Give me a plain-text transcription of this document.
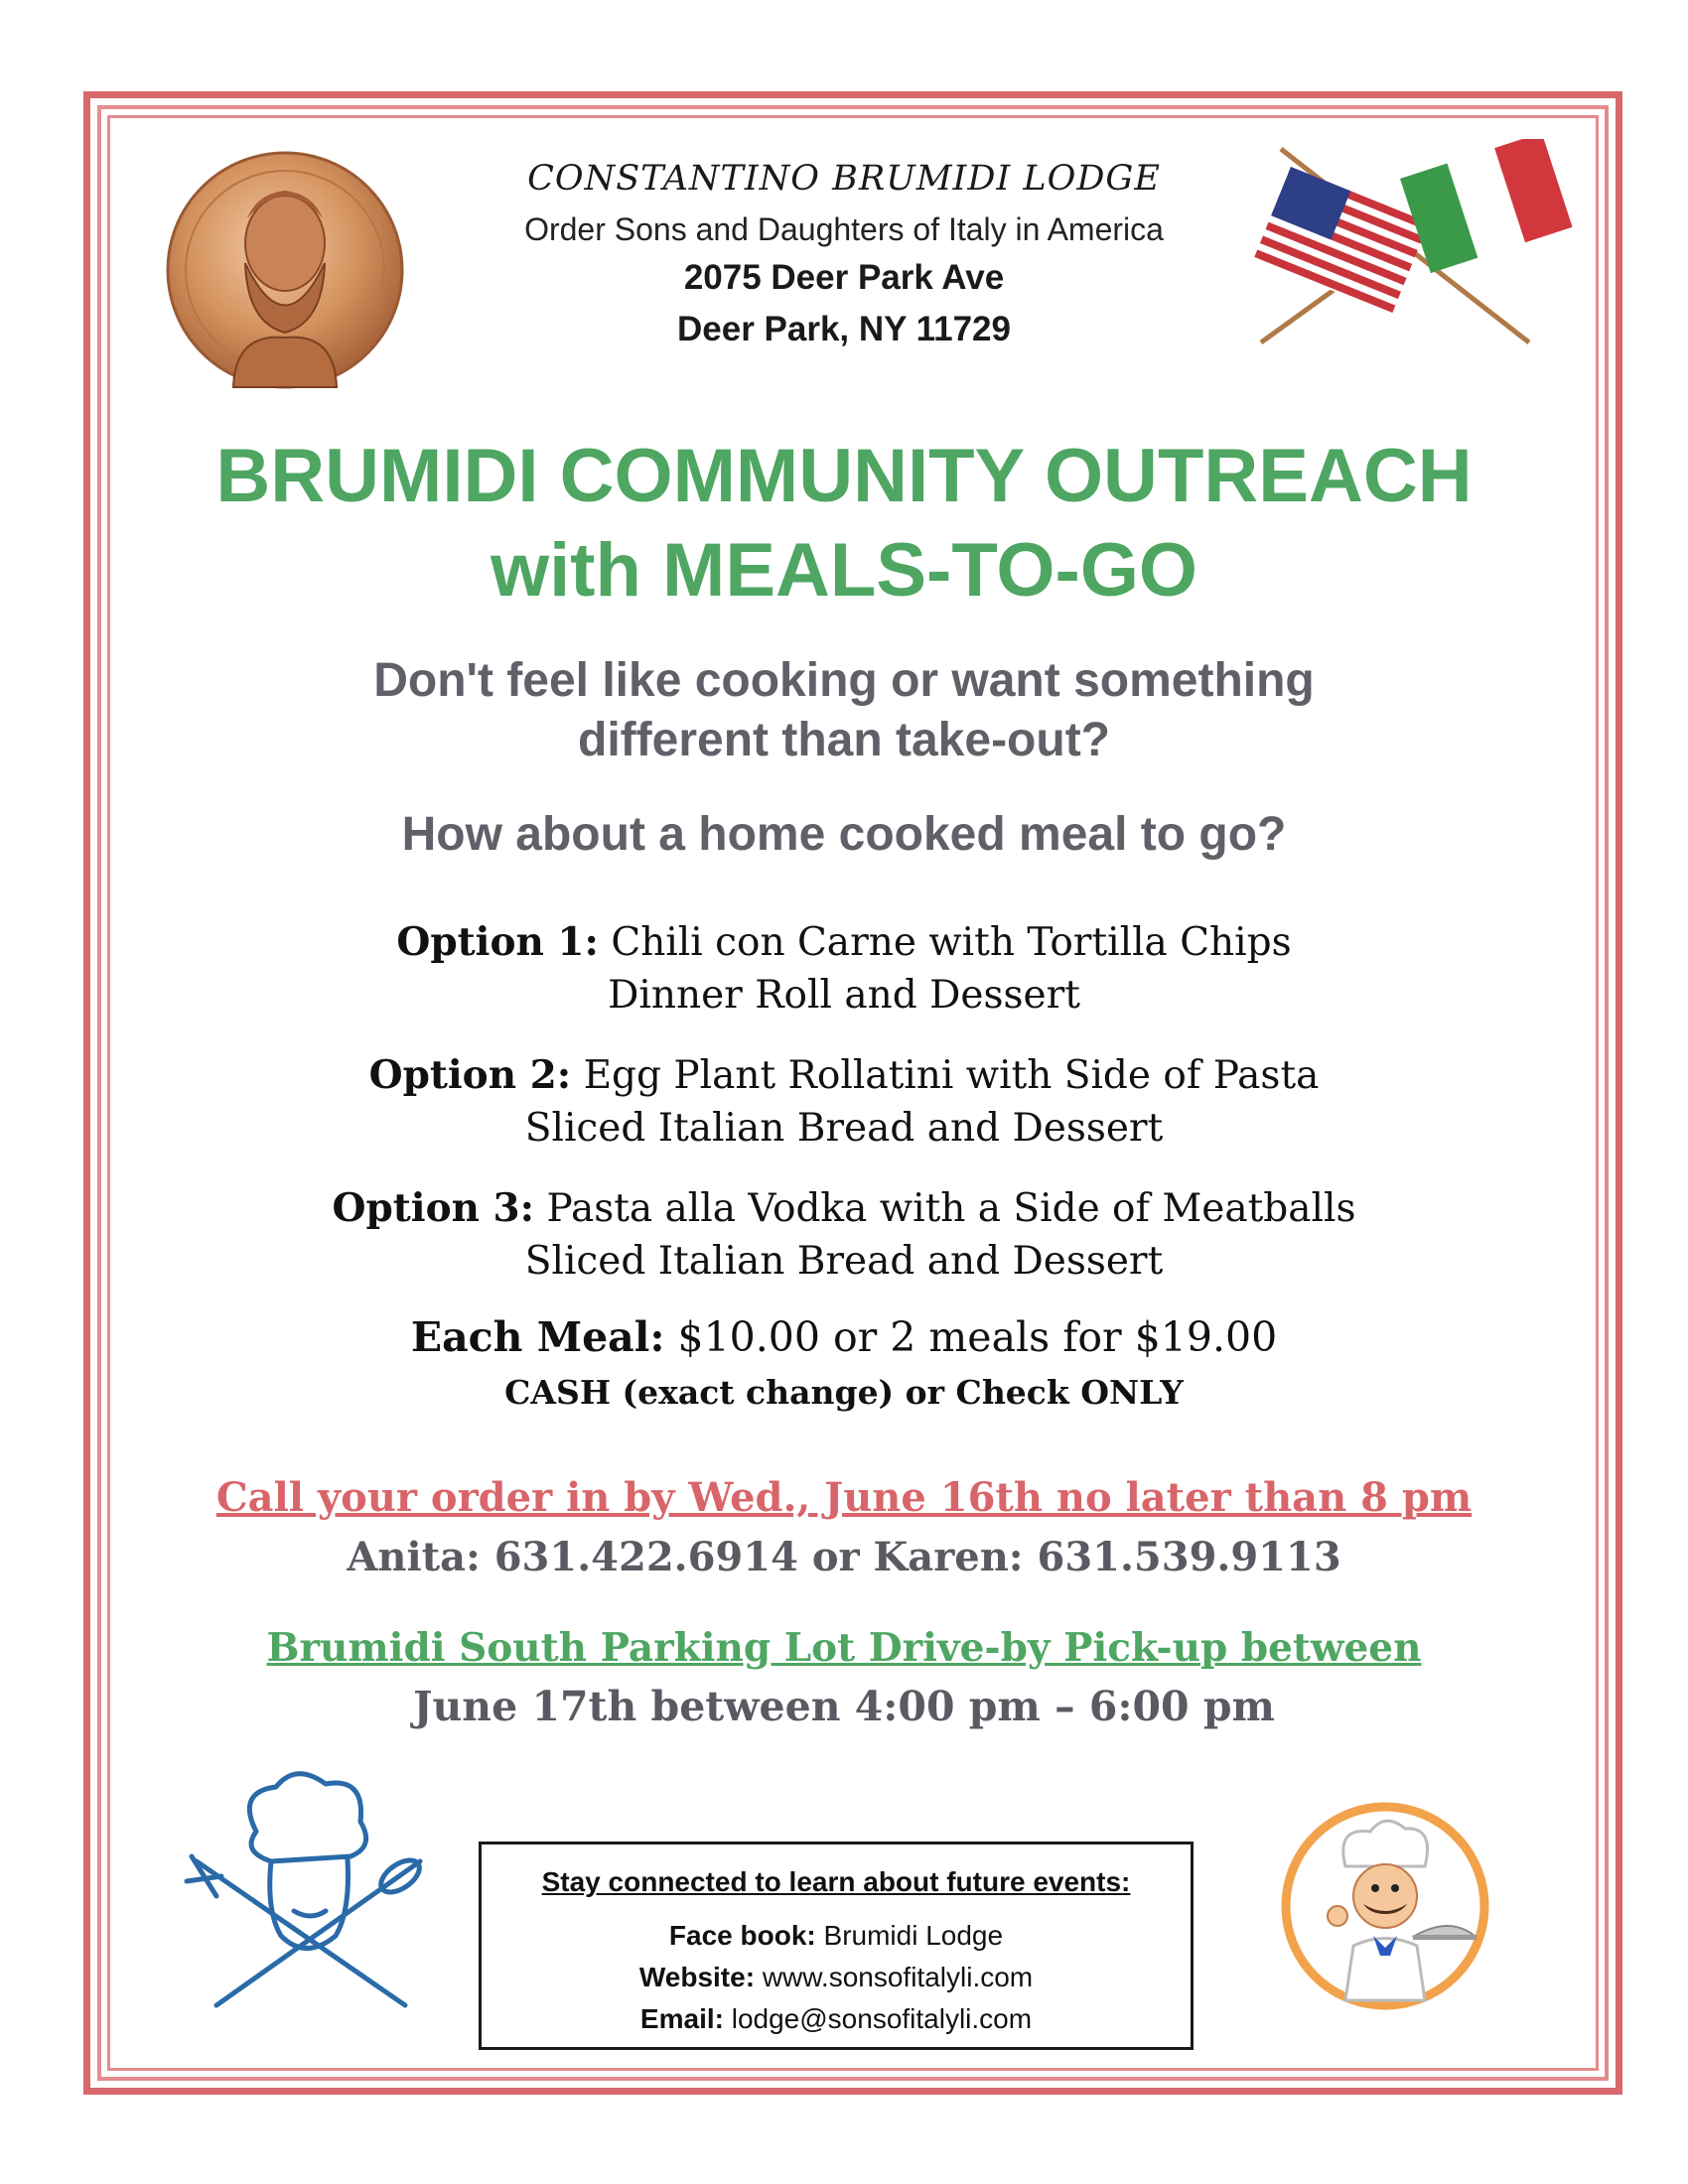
CONSTANTINO BRUMIDI LODGE
Order Sons and Daughters of Italy in America
2075 Deer Park Ave
Deer Park, NY 11729
BRUMIDI COMMUNITY OUTREACH
with MEALS-TO-GO
Don't feel like cooking or want something
different than take-out?
How about a home cooked meal to go?
Option 1: Chili con Carne with Tortilla Chips
Dinner Roll and Dessert
Option 2: Egg Plant Rollatini with Side of Pasta
Sliced Italian Bread and Dessert
Option 3: Pasta alla Vodka with a Side of Meatballs
Sliced Italian Bread and Dessert
Each Meal: $10.00 or 2 meals for $19.00
CASH (exact change) or Check ONLY
Call your order in by Wed., June 16th no later than 8 pm
Anita: 631.422.6914 or Karen: 631.539.9113
Brumidi South Parking Lot Drive-by Pick-up between
June 17th between 4:00 pm – 6:00 pm
Stay connected to learn about future events:
Face book: Brumidi Lodge
Website: www.sonsofitalyli.com
Email: lodge@sonsofitalyli.com
